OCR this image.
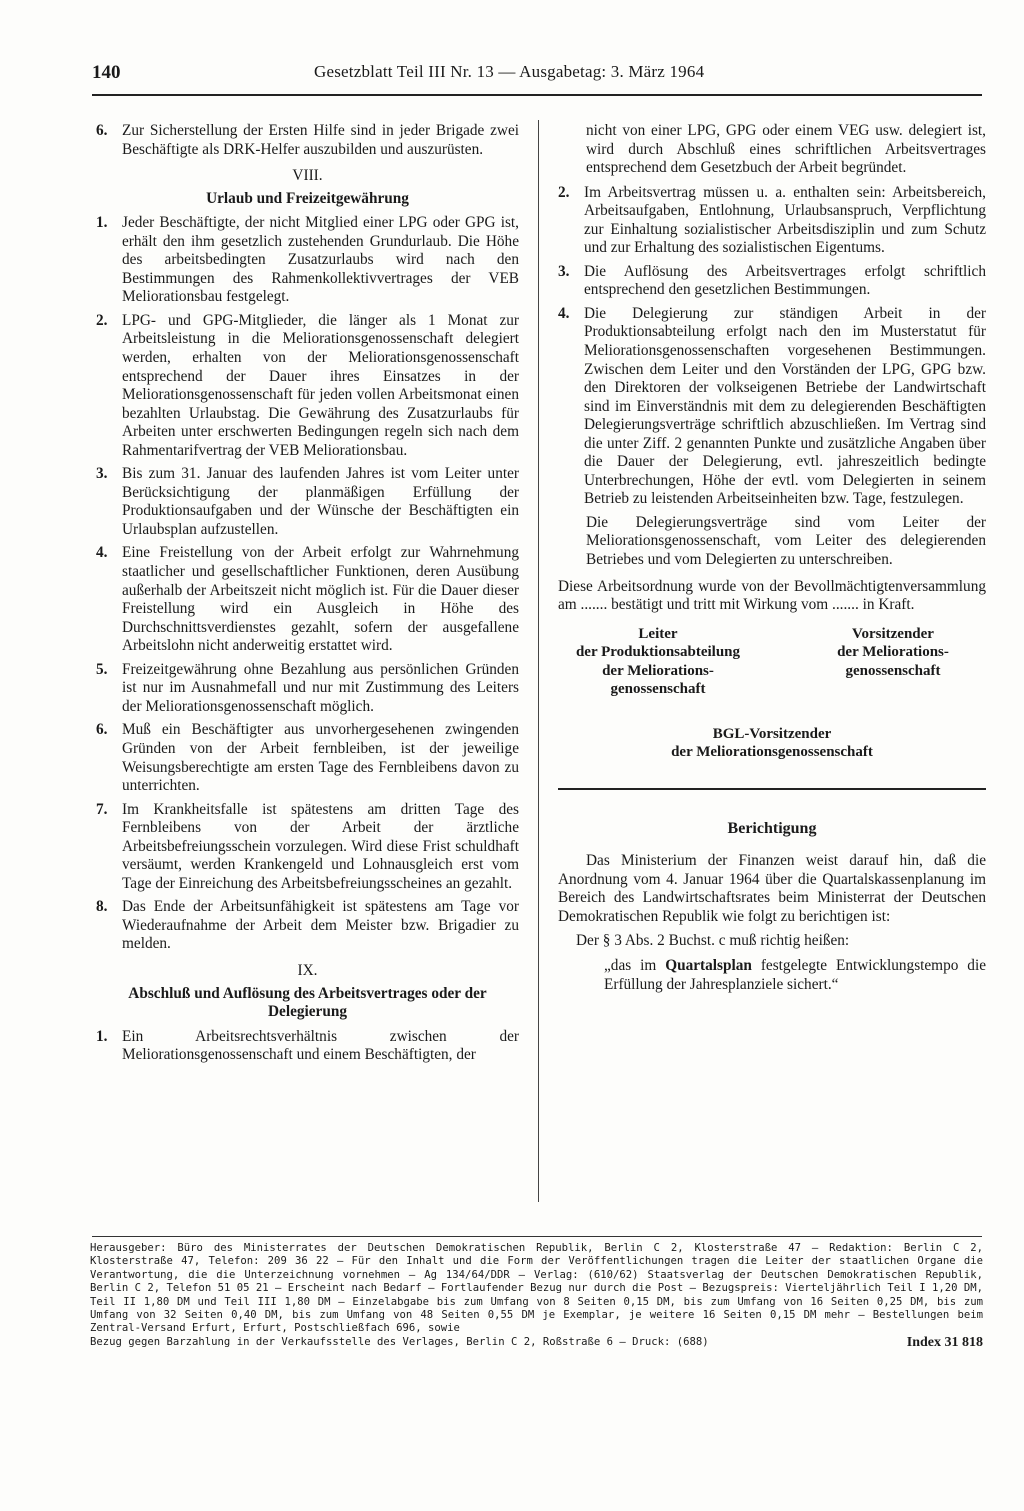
140	Gesetzblatt Teil III Nr. 13 — Ausgabetag: 3. März 1964
6. Zur Sicherstellung der Ersten Hilfe sind in jeder Brigade zwei Beschäftigte als DRK-Helfer auszubilden und auszurüsten.
VIII.
Urlaub und Freizeitgewährung
1. Jeder Beschäftigte, der nicht Mitglied einer LPG oder GPG ist, erhält den ihm gesetzlich zustehenden Grundurlaub. Die Höhe des arbeitsbedingten Zusatzurlaubs wird nach den Bestimmungen des Rahmenkollektivvertrages der VEB Meliorationsbau festgelegt.
2. LPG- und GPG-Mitglieder, die länger als 1 Monat zur Arbeitsleistung in die Meliorationsgenossenschaft delegiert werden, erhalten von der Meliorationsgenossenschaft entsprechend der Dauer ihres Einsatzes in der Meliorationsgenossenschaft für jeden vollen Arbeitsmonat einen bezahlten Urlaubstag. Die Gewährung des Zusatzurlaubs für Arbeiten unter erschwerten Bedingungen regeln sich nach dem Rahmentarifvertrag der VEB Meliorationsbau.
3. Bis zum 31. Januar des laufenden Jahres ist vom Leiter unter Berücksichtigung der planmäßigen Erfüllung der Produktionsaufgaben und der Wünsche der Beschäftigten ein Urlaubsplan aufzustellen.
4. Eine Freistellung von der Arbeit erfolgt zur Wahrnehmung staatlicher und gesellschaftlicher Funktionen, deren Ausübung außerhalb der Arbeitszeit nicht möglich ist. Für die Dauer dieser Freistellung wird ein Ausgleich in Höhe des Durchschnittsverdienstes gezahlt, sofern der ausgefallene Arbeitslohn nicht anderweitig erstattet wird.
5. Freizeitgewährung ohne Bezahlung aus persönlichen Gründen ist nur im Ausnahmefall und nur mit Zustimmung des Leiters der Meliorationsgenossenschaft möglich.
6. Muß ein Beschäftigter aus unvorhergesehenen zwingenden Gründen von der Arbeit fernbleiben, ist der jeweilige Weisungsberechtigte am ersten Tage des Fernbleibens davon zu unterrichten.
7. Im Krankheitsfalle ist spätestens am dritten Tage des Fernbleibens von der Arbeit der ärztliche Arbeitsbefreiungsschein vorzulegen. Wird diese Frist schuldhaft versäumt, werden Krankengeld und Lohnausgleich erst vom Tage der Einreichung des Arbeitsbefreiungsscheines an gezahlt.
8. Das Ende der Arbeitsunfähigkeit ist spätestens am Tage vor Wiederaufnahme der Arbeit dem Meister bzw. Brigadier zu melden.
IX.
Abschluß und Auflösung des Arbeitsvertrages oder der Delegierung
1. Ein Arbeitsrechtsverhältnis zwischen der Meliorationsgenossenschaft und einem Beschäftigten, der
nicht von einer LPG, GPG oder einem VEG usw. delegiert ist, wird durch Abschluß eines schriftlichen Arbeitsvertrages entsprechend dem Gesetzbuch der Arbeit begründet.
2. Im Arbeitsvertrag müssen u. a. enthalten sein: Arbeitsbereich, Arbeitsaufgaben, Entlohnung, Urlaubsanspruch, Verpflichtung zur Einhaltung sozialistischer Arbeitsdisziplin und zum Schutz und zur Erhaltung des sozialistischen Eigentums.
3. Die Auflösung des Arbeitsvertrages erfolgt schriftlich entsprechend den gesetzlichen Bestimmungen.
4. Die Delegierung zur ständigen Arbeit in der Produktionsabteilung erfolgt nach den im Musterstatut für Meliorationsgenossenschaften vorgesehenen Bestimmungen. Zwischen dem Leiter und den Vorständen der LPG, GPG bzw. den Direktoren der volkseigenen Betriebe der Landwirtschaft sind im Einverständnis mit dem zu delegierenden Beschäftigten Delegierungsverträge schriftlich abzuschließen. Im Vertrag sind die unter Ziff. 2 genannten Punkte und zusätzliche Angaben über die Dauer der Delegierung, evtl. jahreszeitlich bedingte Unterbrechungen, Höhe der evtl. vom Delegierten in seinem Betrieb zu leistenden Arbeitseinheiten bzw. Tage, festzulegen.
Die Delegierungsverträge sind vom Leiter der Meliorationsgenossenschaft, vom Leiter des delegierenden Betriebes und vom Delegierten zu unterschreiben.
Diese Arbeitsordnung wurde von der Bevollmächtigtenversammlung am ....... bestätigt und tritt mit Wirkung vom ....... in Kraft.
Leiter
der Produktionsabteilung
der Meliorations-
genossenschaft
Vorsitzender
der Meliorations-
genossenschaft
BGL-Vorsitzender
der Meliorationsgenossenschaft
Berichtigung
Das Ministerium der Finanzen weist darauf hin, daß die Anordnung vom 4. Januar 1964 über die Quartalskassenplanung im Bereich des Landwirtschaftsrates beim Ministerrat der Deutschen Demokratischen Republik wie folgt zu berichtigen ist:
Der § 3 Abs. 2 Buchst. c muß richtig heißen:
„das im Quartalsplan festgelegte Entwicklungstempo die Erfüllung der Jahresplanziele sichert.“
Herausgeber: Büro des Ministerrates der Deutschen Demokratischen Republik, Berlin C 2, Klosterstraße 47 – Redaktion: Berlin C 2, Klosterstraße 47, Telefon: 209 36 22 – Für den Inhalt und die Form der Veröffentlichungen tragen die Leiter der staatlichen Organe die Verantwortung, die die Unterzeichnung vornehmen – Ag 134/64/DDR – Verlag: (610/62) Staatsverlag der Deutschen Demokratischen Republik, Berlin C 2, Telefon 51 05 21 – Erscheint nach Bedarf – Fortlaufender Bezug nur durch die Post – Bezugspreis: Vierteljährlich Teil I 1,20 DM, Teil II 1,80 DM und Teil III 1,80 DM – Einzelabgabe bis zum Umfang von 8 Seiten 0,15 DM, bis zum Umfang von 16 Seiten 0,25 DM, bis zum Umfang von 32 Seiten 0,40 DM, bis zum Umfang von 48 Seiten 0,55 DM je Exemplar, je weitere 16 Seiten 0,15 DM mehr – Bestellungen beim Zentral-Versand Erfurt, Erfurt, Postschließfach 696, sowie
Bezug gegen Barzahlung in der Verkaufsstelle des Verlages, Berlin C 2, Roßstraße 6 – Druck: (688)	Index 31 818
